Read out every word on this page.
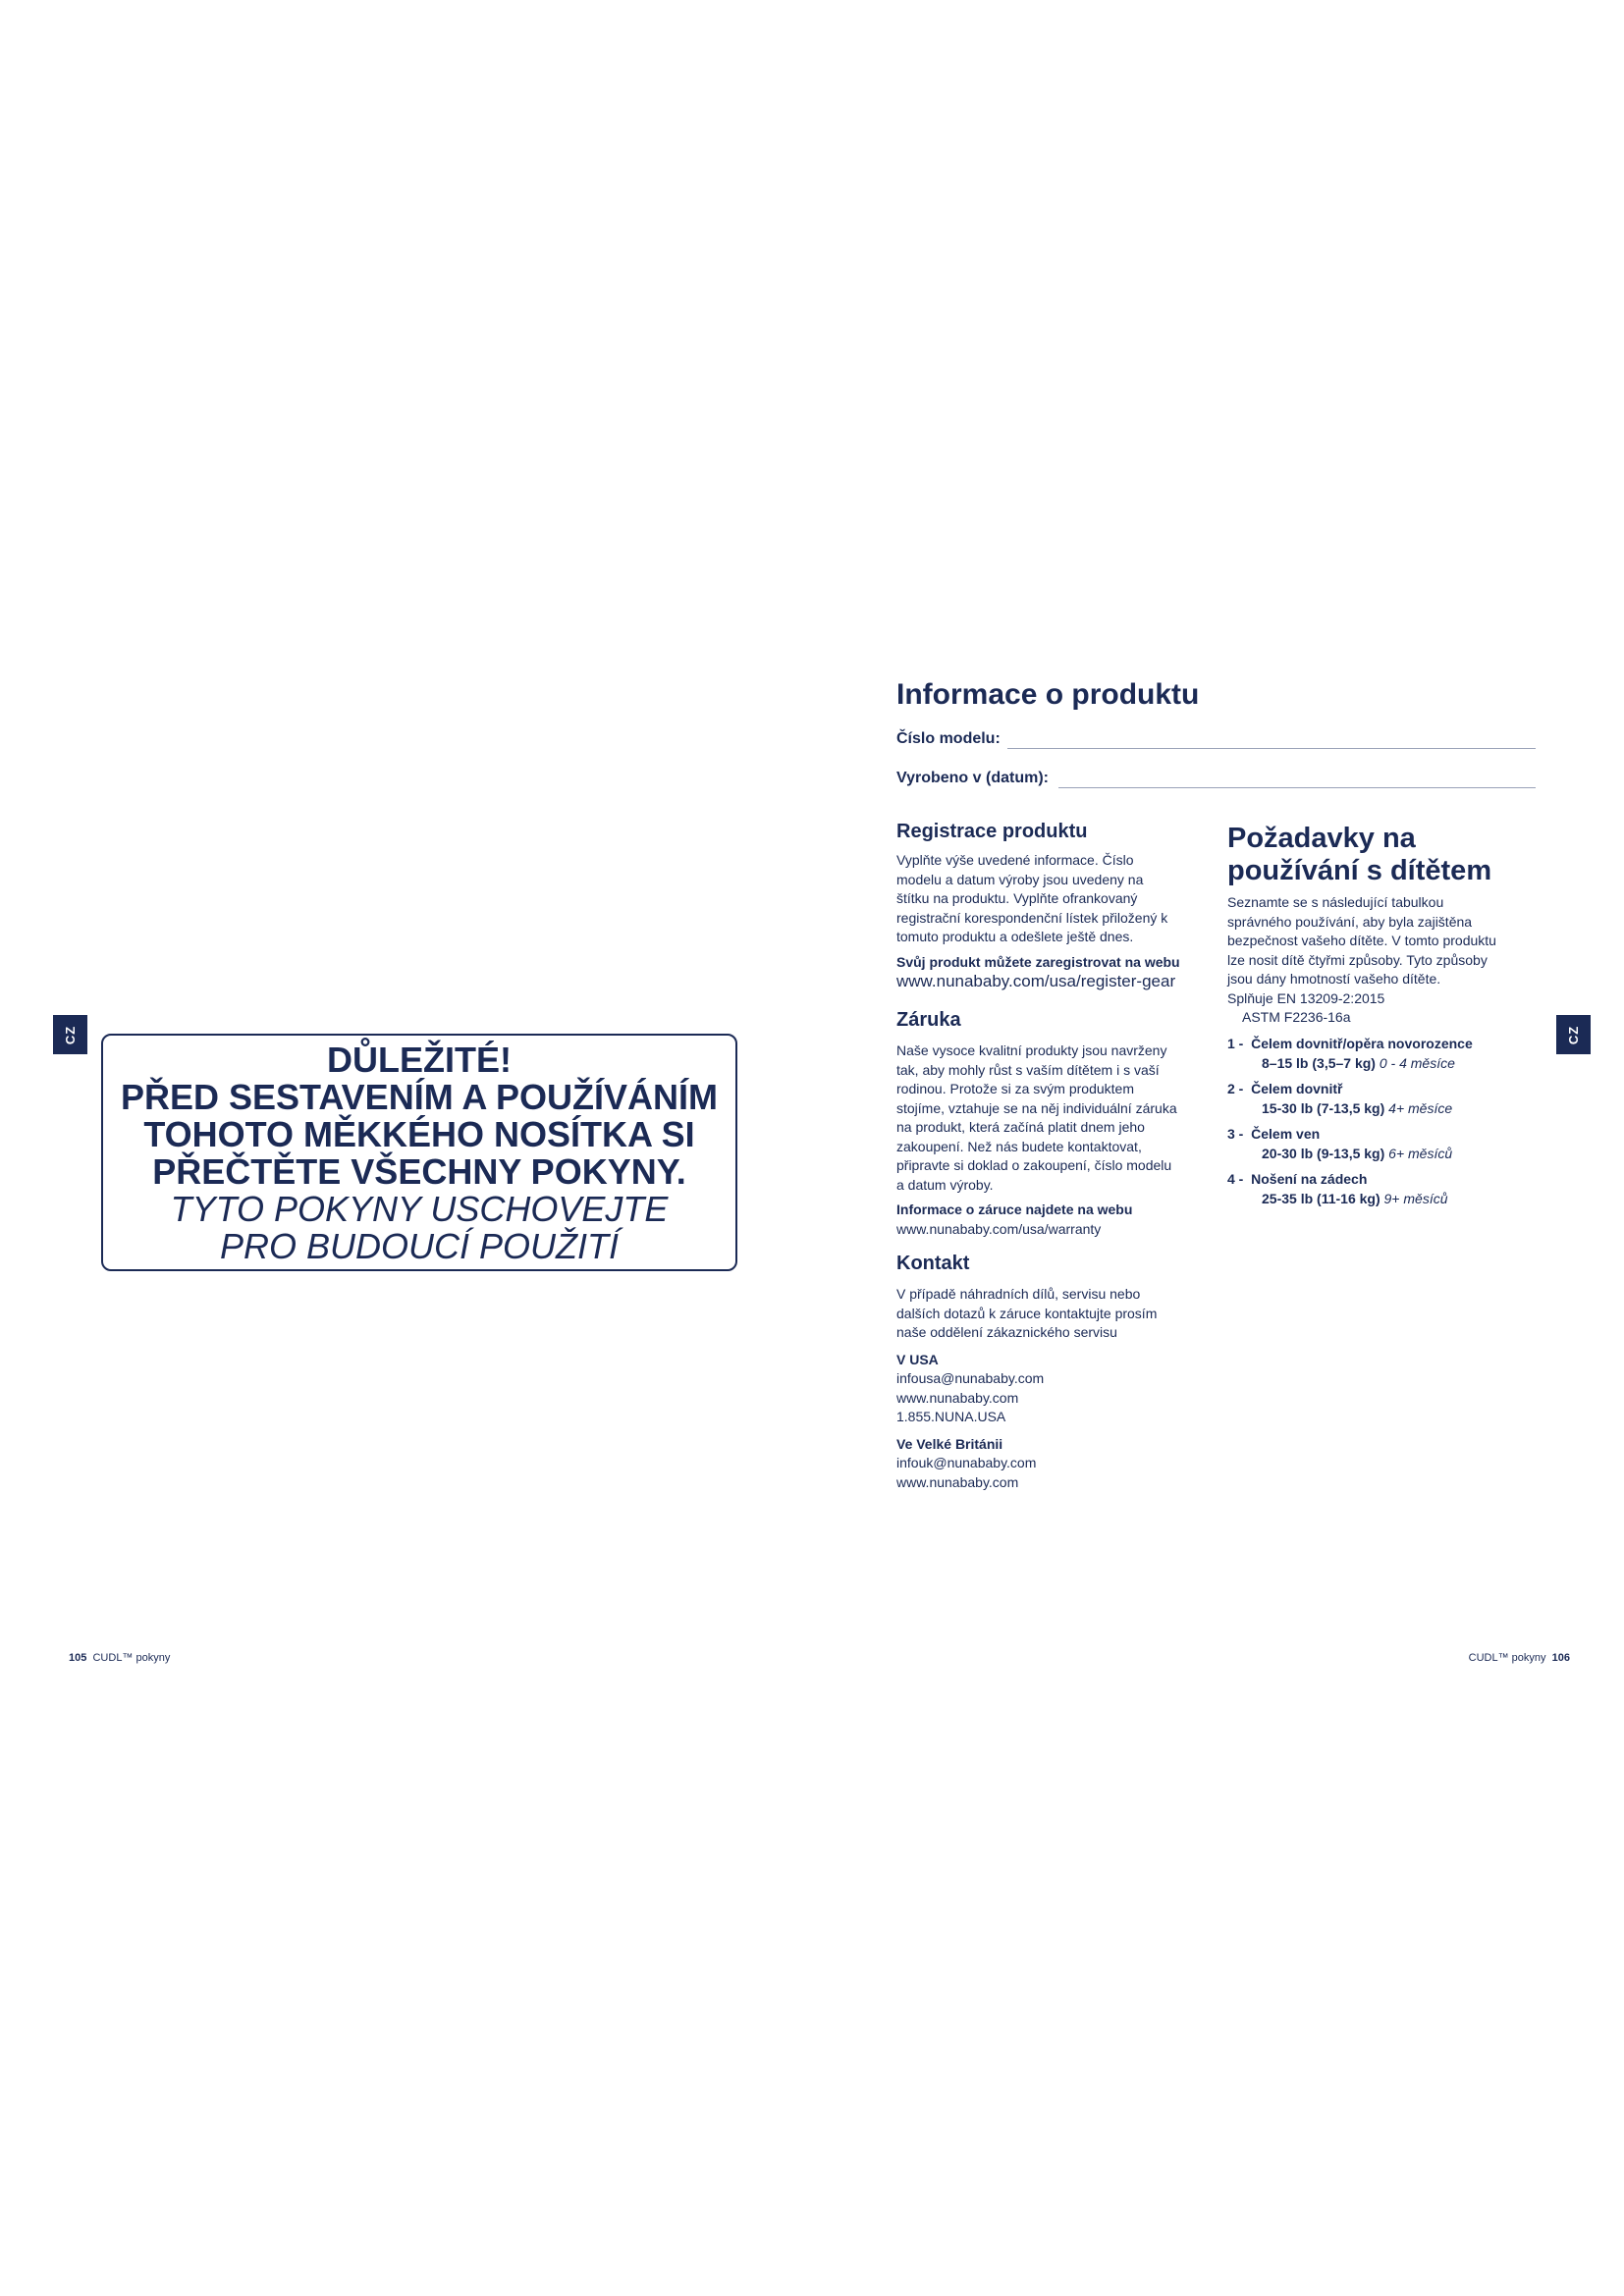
CZ	CZ
DŮLEŽITÉ!
PŘED SESTAVENÍM A POUŽÍVÁNÍM
TOHOTO MĚKKÉHO NOSÍTKA SI
PŘEČTĚTE VŠECHNY POKYNY.
TYTO POKYNY USCHOVEJTE
PRO BUDOUCÍ POUŽITÍ
Informace o produktu
Číslo modelu:
Vyrobeno v (datum):
Registrace produktu
Vyplňte výše uvedené informace. Číslo
modelu a datum výroby jsou uvedeny na
štítku na produktu. Vyplňte ofrankovaný
registrační korespondenční lístek přiložený k
tomuto produktu a odešlete ještě dnes.
Svůj produkt můžete zaregistrovat na webu
www.nunababy.com/usa/register-gear
Záruka
Naše vysoce kvalitní produkty jsou navrženy
tak, aby mohly růst s vaším dítětem i s vaší
rodinou. Protože si za svým produktem
stojíme, vztahuje se na něj individuální záruka
na produkt, která začíná platit dnem jeho
zakoupení. Než nás budete kontaktovat,
připravte si doklad o zakoupení, číslo modelu
a datum výroby.
Informace o záruce najdete na webu
www.nunababy.com/usa/warranty
Kontakt
V případě náhradních dílů, servisu nebo
dalších dotazů k záruce kontaktujte prosím
naše oddělení zákaznického servisu
V USA
infousa@nunababy.com
www.nunababy.com
1.855.NUNA.USA
Ve Velké Británii
infouk@nunababy.com
www.nunababy.com
Požadavky na
používání s dítětem
Seznamte se s následující tabulkou
správného používání, aby byla zajištěna
bezpečnost vašeho dítěte. V tomto produktu
lze nosit dítě čtyřmi způsoby. Tyto způsoby
jsou dány hmotností vašeho dítěte.
Splňuje EN 13209-2:2015
ASTM F2236-16a
1 - Čelem dovnitř/opěra novorozence
8–15 lb (3,5–7 kg) 0 - 4 měsíce
2 - Čelem dovnitř
15-30 lb (7-13,5 kg) 4+ měsíce
3 - Čelem ven
20-30 lb (9-13,5 kg) 6+ měsíců
4 - Nošení na zádech
25-35 lb (11-16 kg) 9+ měsíců
105 CUDL™ pokyny	CUDL™ pokyny 106
